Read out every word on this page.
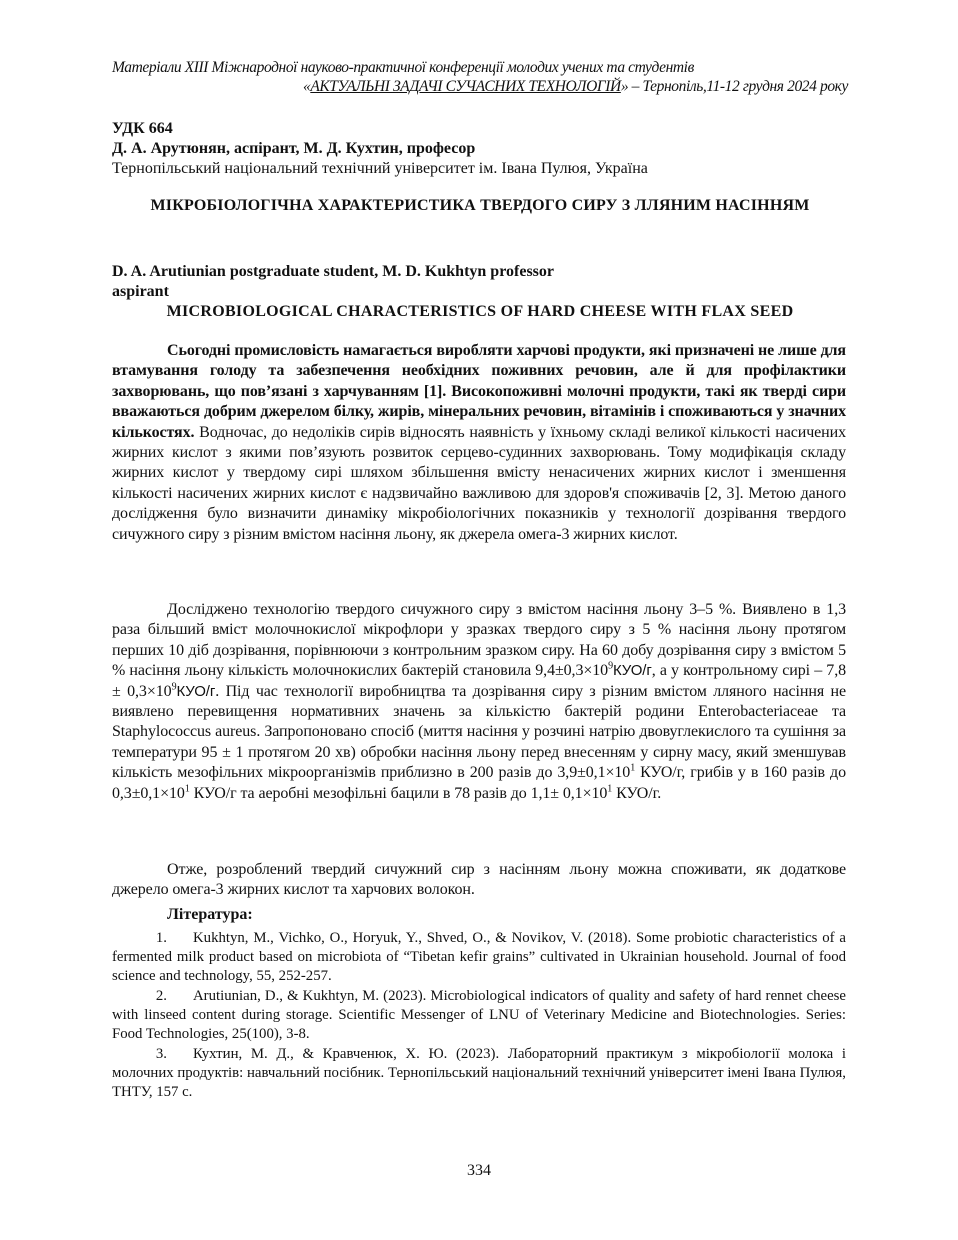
Матеріали XIII Міжнародної науково-практичної конференції молодих учених та студентів
«АКТУАЛЬНІ ЗАДАЧІ СУЧАСНИХ ТЕХНОЛОГІЙ» – Тернопіль,11-12 грудня 2024 року
УДК 664
Д. А. Арутюнян, аспірант, М. Д. Кухтин, професор
Тернопільський національний технічний університет ім. Івана Пулюя, Україна
МІКРОБІОЛОГІЧНА ХАРАКТЕРИСТИКА ТВЕРДОГО СИРУ З ЛЛЯНИМ НАСІННЯМ
D. A. Arutiunian postgraduate student, M. D. Kukhtyn professor
aspirant
MICROBIOLOGICAL CHARACTERISTICS OF HARD CHEESE WITH FLAX SEED
Сьогодні промисловість намагається виробляти харчові продукти, які призначені не лише для втамування голоду та забезпечення необхідних поживних речовин, але й для профілактики захворювань, що пов’язані з харчуванням [1]. Високопоживні молочні продукти, такі як тверді сири вважаються добрим джерелом білку, жирів, мінеральних речовин, вітамінів і споживаються у значних кількостях. Водночас, до недоліків сирів відносять наявність у їхньому складі великої кількості насичених жирних кислот з якими пов’язують розвиток серцево-судинних захворювань. Тому модифікація складу жирних кислот у твердому сирі шляхом збільшення вмісту ненасичених жирних кислот і зменшення кількості насичених жирних кислот є надзвичайно важливою для здоров'я споживачів [2, 3]. Метою даного дослідження було визначити динаміку мікробіологічних показників у технології дозрівання твердого сичужного сиру з різним вмістом насіння льону, як джерела омега-3 жирних кислот.
Досліджено технологію твердого сичужного сиру з вмістом насіння льону 3–5 %. Виявлено в 1,3 раза більший вміст молочнокислої мікрофлори у зразках твердого сиру з 5 % насіння льону протягом перших 10 діб дозрівання, порівнюючи з контрольним зразком сиру. На 60 добу дозрівання сиру з вмістом 5 % насіння льону кількість молочнокислих бактерій становила $9,4\pm 0,3\times 10^9КУО/г$, а у контрольному сирі – $7,8 \pm 0,3\times 10^9КУО/г$. Під час технології виробництва та дозрівання сиру з різним вмістом лляного насіння не виявлено перевищення нормативних значень за кількістю бактерій родини Enterobacteriaceae та Staphylococcus aureus. Запропоновано спосіб (миття насіння у розчині натрію двовуглекислого та сушіння за температури 95 ± 1 протягом 20 хв) обробки насіння льону перед внесенням у сирну масу, який зменшував кількість мезофільних мікроорганізмів приблизно в 200 разів до $3,9\pm 0,1\times 10^1$ КУО/г, грибів у в 160 разів до $0,3\pm 0,1\times 10^1$ КУО/г та аеробні мезофільні бацили в 78 разів до $1,1\pm 0,1\times 10^1$ КУО/г.
Отже, розроблений твердий сичужний сир з насінням льону можна споживати, як додаткове джерело омега-3 жирних кислот та харчових волокон.
Література:
1. Kukhtyn, M., Vichko, O., Horyuk, Y., Shved, O., & Novikov, V. (2018). Some probiotic characteristics of a fermented milk product based on microbiota of “Tibetan kefir grains” cultivated in Ukrainian household. Journal of food science and technology, 55, 252-257.
2. Arutiunian, D., & Kukhtyn, M. (2023). Microbiological indicators of quality and safety of hard rennet cheese with linseed content during storage. Scientific Messenger of LNU of Veterinary Medicine and Biotechnologies. Series: Food Technologies, 25(100), 3-8.
3. Кухтин, М. Д., & Кравченюк, Х. Ю. (2023). Лабораторний практикум з мікробіології молока і молочних продуктів: навчальний посібник. Тернопільський національний технічний університет імені Івана Пулюя, ТНТУ, 157 с.
334
